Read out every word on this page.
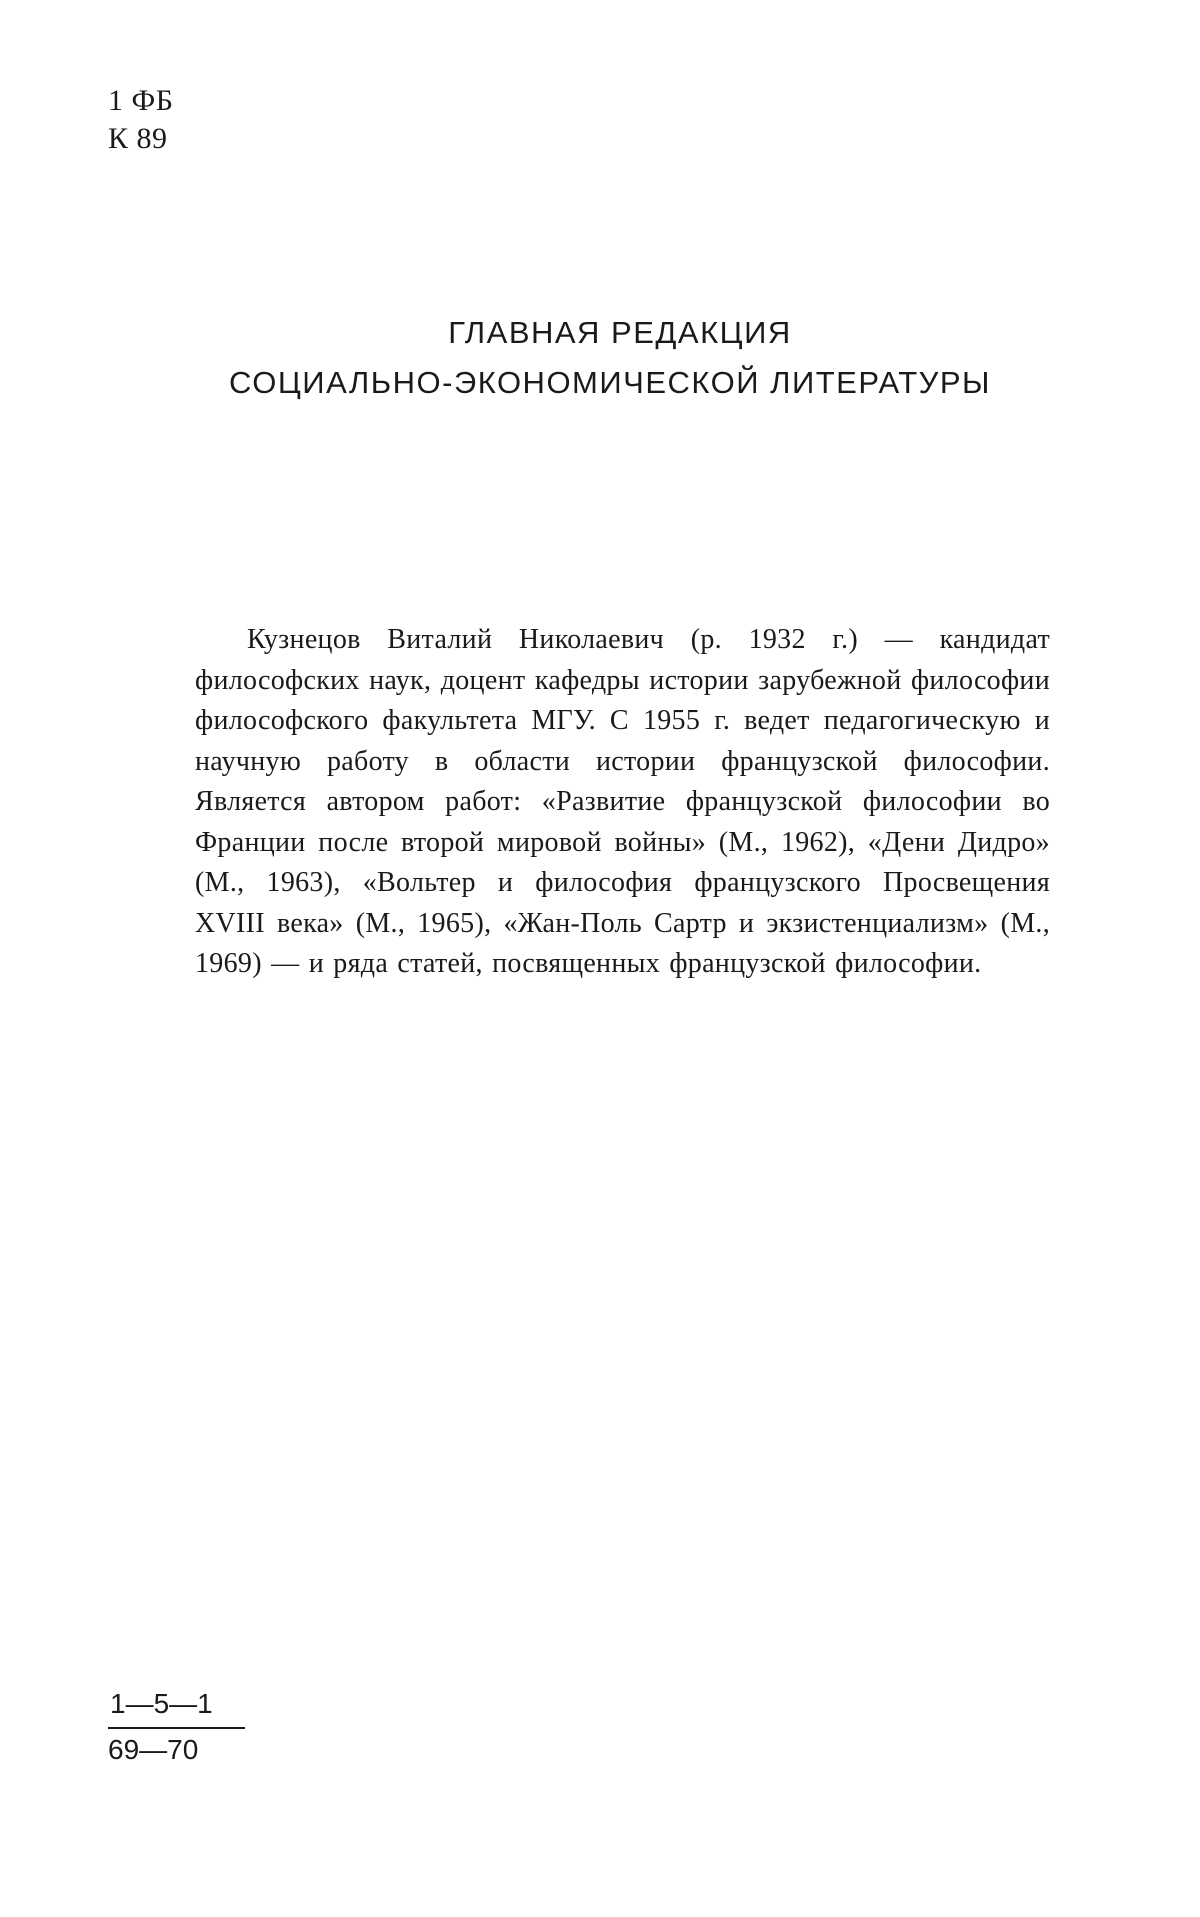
1 ФБ
К 89
ГЛАВНАЯ РЕДАКЦИЯ
СОЦИАЛЬНО-ЭКОНОМИЧЕСКОЙ ЛИТЕРАТУРЫ

Кузнецов Виталий Николаевич (р. 1932 г.) — кандидат философских наук, доцент кафедры истории зарубежной философии философского факультета МГУ. С 1955 г. ведет педагогическую и научную работу в области истории французской философии. Является автором работ: «Развитие французской философии во Франции после второй мировой войны» (М., 1962), «Дени Дидро» (М., 1963), «Вольтер и философия французского Просвещения XVIII века» (М., 1965), «Жан-Поль Сартр и экзистенциализм» (М., 1969) — и ряда статей, посвященных французской философии.

1—5—1
69—70
